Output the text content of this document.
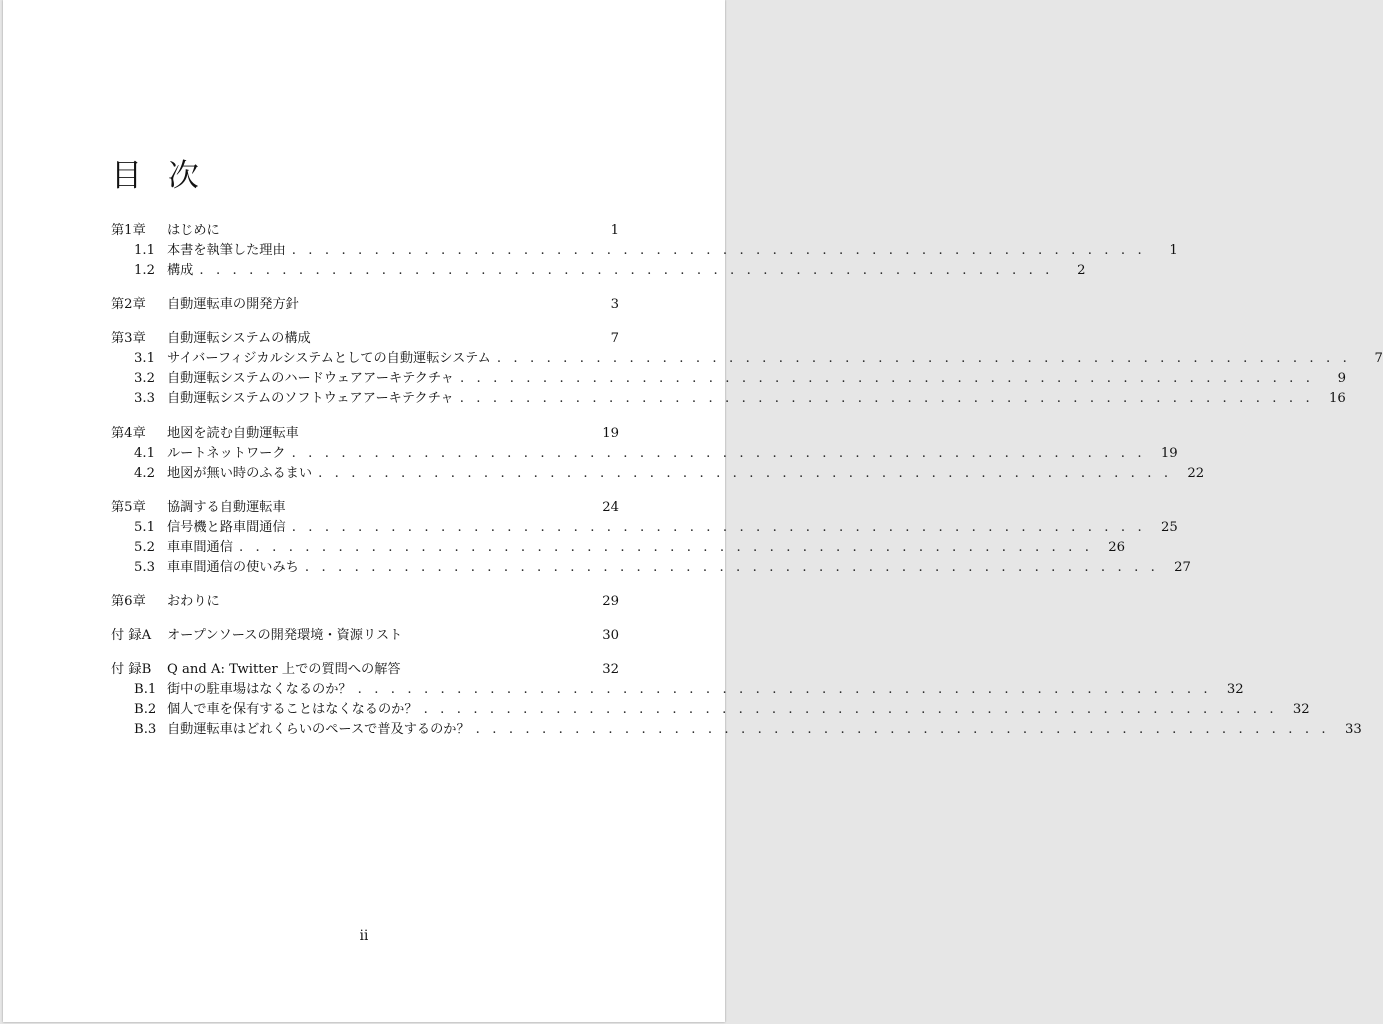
目 次
第1章	はじめに	1
1.1 本書を執筆した理由 . . . . . . . . . . . . . . . . . . . . . . . . . . . . . . . . . . . . . . . . . . . . . . . . . . . .	1
1.2 構成 . . . . . . . . . . . . . . . . . . . . . . . . . . . . . . . . . . . . . . . . . . . . . . . . . . . .	2
第2章	自動運転車の開発方針	3
第3章	自動運転システムの構成	7
3.1 サイバーフィジカルシステムとしての自動運転システム . . . . . . . . . . . . . . . . . . . . . . . . . . . . . . . . . . . . . . . . . . . . . . . . . . . .	7
3.2 自動運転システムのハードウェアアーキテクチャ . . . . . . . . . . . . . . . . . . . . . . . . . . . . . . . . . . . . . . . . . . . . . . . . . . . .	9
3.3 自動運転システムのソフトウェアアーキテクチャ . . . . . . . . . . . . . . . . . . . . . . . . . . . . . . . . . . . . . . . . . . . . . . . . . . . .	16
第4章	地図を読む自動運転車	19
4.1 ルートネットワーク . . . . . . . . . . . . . . . . . . . . . . . . . . . . . . . . . . . . . . . . . . . . . . . . . . . .	19
4.2 地図が無い時のふるまい . . . . . . . . . . . . . . . . . . . . . . . . . . . . . . . . . . . . . . . . . . . . . . . . . . . .	22
第5章	協調する自動運転車	24
5.1 信号機と路車間通信 . . . . . . . . . . . . . . . . . . . . . . . . . . . . . . . . . . . . . . . . . . . . . . . . . . . .	25
5.2 車車間通信 . . . . . . . . . . . . . . . . . . . . . . . . . . . . . . . . . . . . . . . . . . . . . . . . . . . .	26
5.3 車車間通信の使いみち . . . . . . . . . . . . . . . . . . . . . . . . . . . . . . . . . . . . . . . . . . . . . . . . . . . .	27
第6章	おわりに	29
付 録A	オープンソースの開発環境・資源リスト	30
付 録B	Q and A: Twitter 上での質問への解答	32
B.1 街中の駐車場はなくなるのか？ . . . . . . . . . . . . . . . . . . . . . . . . . . . . . . . . . . . . . . . . . . . . . . . . . . . .	32
B.2 個人で車を保有することはなくなるのか？ . . . . . . . . . . . . . . . . . . . . . . . . . . . . . . . . . . . . . . . . . . . . . . . . . . . .	32
B.3 自動運転車はどれくらいのペースで普及するのか？ . . . . . . . . . . . . . . . . . . . . . . . . . . . . . . . . . . . . . . . . . . . . . . . . . . . .	33
ii
